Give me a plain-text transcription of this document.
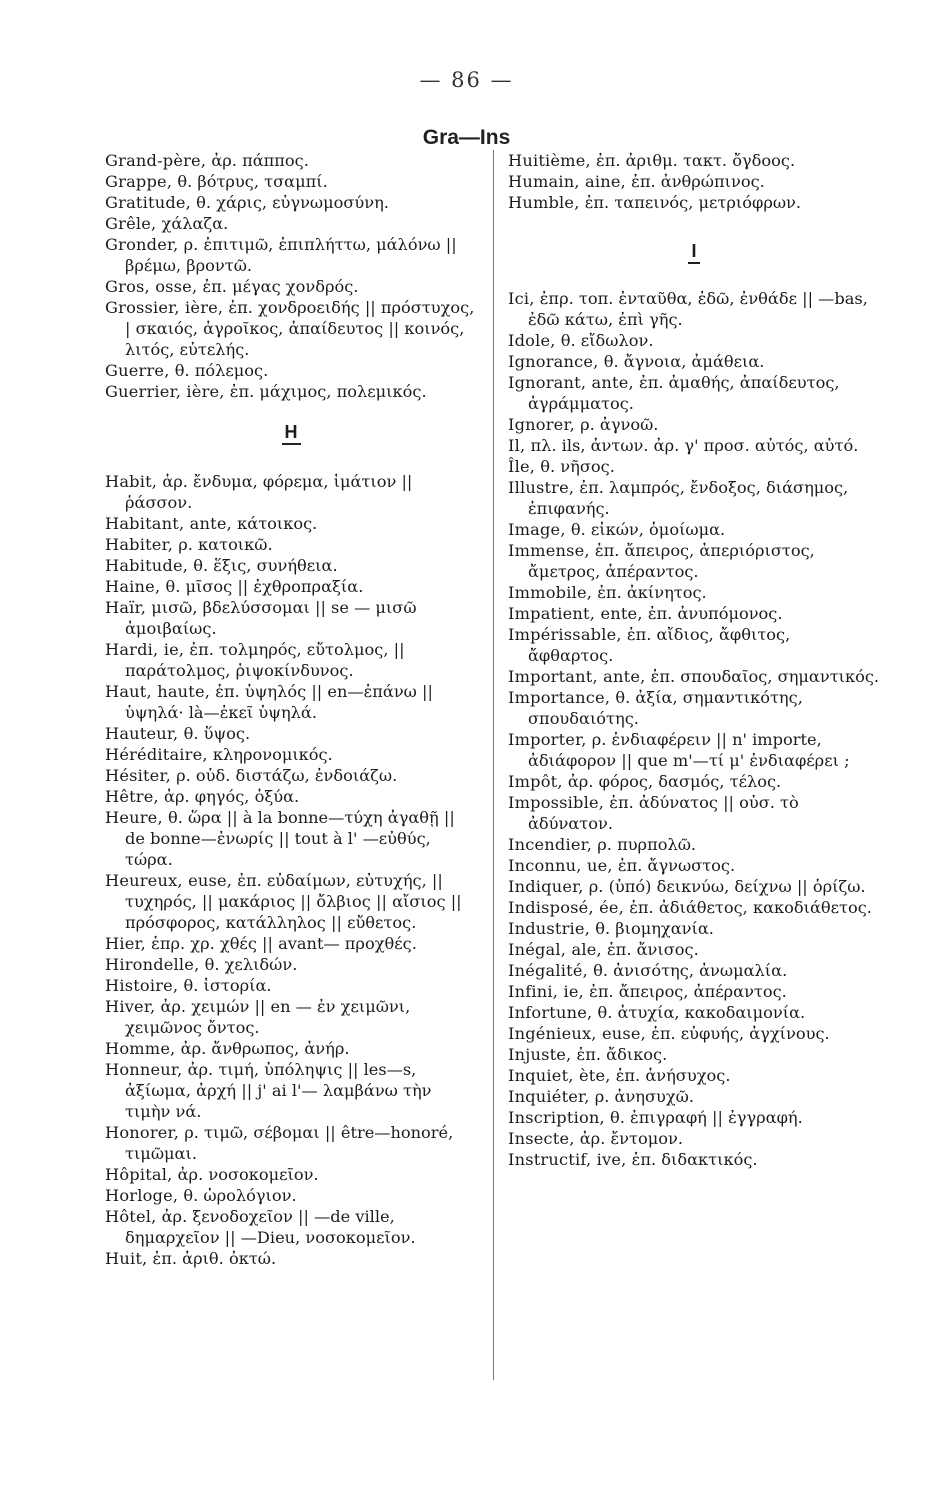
— 86 —
Gra—Ins

Grand-père, ἀρ. πάππος.

Grappe, θ. βότρυς, τσαμπί.

Gratitude, θ. χάρις, εὐγνωμοσύνη.

Grêle, χάλαζα.

Gronder, ρ. ἐπιτιμῶ, ἐπιπλήττω, μάλόνω || βρέμω, βροντῶ.

Gros, osse, ἐπ. μέγας χονδρός.

Grossier, ière, ἐπ. χονδροειδής || πρόστυχος, | σκαιός, ἀγροῖκος, ἀπαίδευτος || κοινός, λιτός, εὐτελής.

Guerre, θ. πόλεμος.

Guerrier, ière, ἐπ. μάχιμος, πολεμικός.

H

Habit, ἀρ. ἔνδυμα, φόρεμα, ἱμάτιον || ῥάσσον.

Habitant, ante, κάτοικος.

Habiter, ρ. κατοικῶ.

Habitude, θ. ἕξις, συνήθεια.

Haine, θ. μῖσος || ἐχθροπραξία.

Haïr, μισῶ, βδελύσσομαι || se — μισῶ ἀμοιβαίως.

Hardi, ie, ἐπ. τολμηρός, εὔτολμος, || παράτολμος, ῥιψοκίνδυνος.

Haut, haute, ἐπ. ὑψηλός || en—ἐπάνω || ὑψηλά· là—ἐκεῖ ὑψηλά.

Hauteur, θ. ὕψος.

Héréditaire, κληρονομικός.

Hésiter, ρ. οὐδ. διστάζω, ἐνδοιάζω.

Hêtre, ἀρ. φηγός, ὀξύα.

Heure, θ. ὥρα || à la bonne—τύχη ἀγαθῇ || de bonne—ἐνωρίς || tout à l' —εὐθύς, τώρα.

Heureux, euse, ἐπ. εὐδαίμων, εὐτυχής, || τυχηρός, || μακάριος || ὄλβιος || αἴσιος || πρόσφορος, κατάλληλος || εὔθετος.

Hier, ἐπρ. χρ. χθές || avant— προχθές.

Hirondelle, θ. χελιδών.

Histoire, θ. ἱστορία.

Hiver, ἀρ. χειμών || en — ἐν χειμῶνι, χειμῶνος ὄντος.

Homme, ἀρ. ἄνθρωπος, ἀνήρ.

Honneur, ἀρ. τιμή, ὑπόληψις || les—s, ἀξίωμα, ἀρχή || j' ai l'— λαμβάνω τὴν τιμὴν νά.

Honorer, ρ. τιμῶ, σέβομαι || être—honoré, τιμῶμαι.

Hôpital, ἀρ. νοσοκομεῖον.

Horloge, θ. ὡρολόγιον.

Hôtel, ἀρ. ξενοδοχεῖον || —de ville, δημαρχεῖον || —Dieu, νοσοκομεῖον.

Huit, ἐπ. ἀριθ. ὀκτώ.

Huitième, ἐπ. ἀριθμ. τακτ. ὄγδοος.

Humain, aine, ἐπ. ἀνθρώπινος.

Humble, ἐπ. ταπεινός, μετριόφρων.

I

Ici, ἐπρ. τοπ. ἐνταῦθα, ἐδῶ, ἐνθάδε || —bas, ἐδῶ κάτω, ἐπὶ γῆς.

Idole, θ. εἴδωλον.

Ignorance, θ. ἄγνοια, ἀμάθεια.

Ignorant, ante, ἐπ. ἀμαθής, ἀπαίδευτος, ἀγράμματος.

Ignorer, ρ. ἀγνοῶ.

Il, πλ. ils, ἀντων. ἀρ. γ' προσ. αὐτός, αὐτό.

Île, θ. νῆσος.

Illustre, ἐπ. λαμπρός, ἔνδοξος, διάσημος, ἐπιφανής.

Image, θ. εἰκών, ὁμοίωμα.

Immense, ἐπ. ἄπειρος, ἀπεριόριστος, ἄμετρος, ἀπέραντος.

Immobile, ἐπ. ἀκίνητος.

Impatient, ente, ἐπ. ἀνυπόμονος.

Impérissable, ἐπ. αἴδιος, ἄφθιτος, ἄφθαρτος.

Important, ante, ἐπ. σπουδαῖος, σημαντικός.

Importance, θ. ἀξία, σημαντικότης, σπουδαιότης.

Importer, ρ. ἐνδιαφέρειν || n' importe, ἀδιάφορον || que m'—τί μ' ἐνδιαφέρει ;

Impôt, ἀρ. φόρος, δασμός, τέλος.

Impossible, ἐπ. ἀδύνατος || οὐσ. τὸ ἀδύνατον.

Incendier, ρ. πυρπολῶ.

Inconnu, ue, ἐπ. ἄγνωστος.

Indiquer, ρ. (ὑπό) δεικνύω, δείχνω || ὁρίζω.

Indisposé, ée, ἐπ. ἀδιάθετος, κακοδιάθετος.

Industrie, θ. βιομηχανία.

Inégal, ale, ἐπ. ἄνισος.

Inégalité, θ. ἀνισότης, ἀνωμαλία.

Infini, ie, ἐπ. ἄπειρος, ἀπέραντος.

Infortune, θ. ἀτυχία, κακοδαιμονία.

Ingénieux, euse, ἐπ. εὐφυής, ἀγχίνους.

Injuste, ἐπ. ἄδικος.

Inquiet, ète, ἐπ. ἀνήσυχος.

Inquiéter, ρ. ἀνησυχῶ.

Inscription, θ. ἐπιγραφή || ἐγγραφή.

Insecte, ἀρ. ἔντομον.

Instructif, ive, ἐπ. διδακτικός.
